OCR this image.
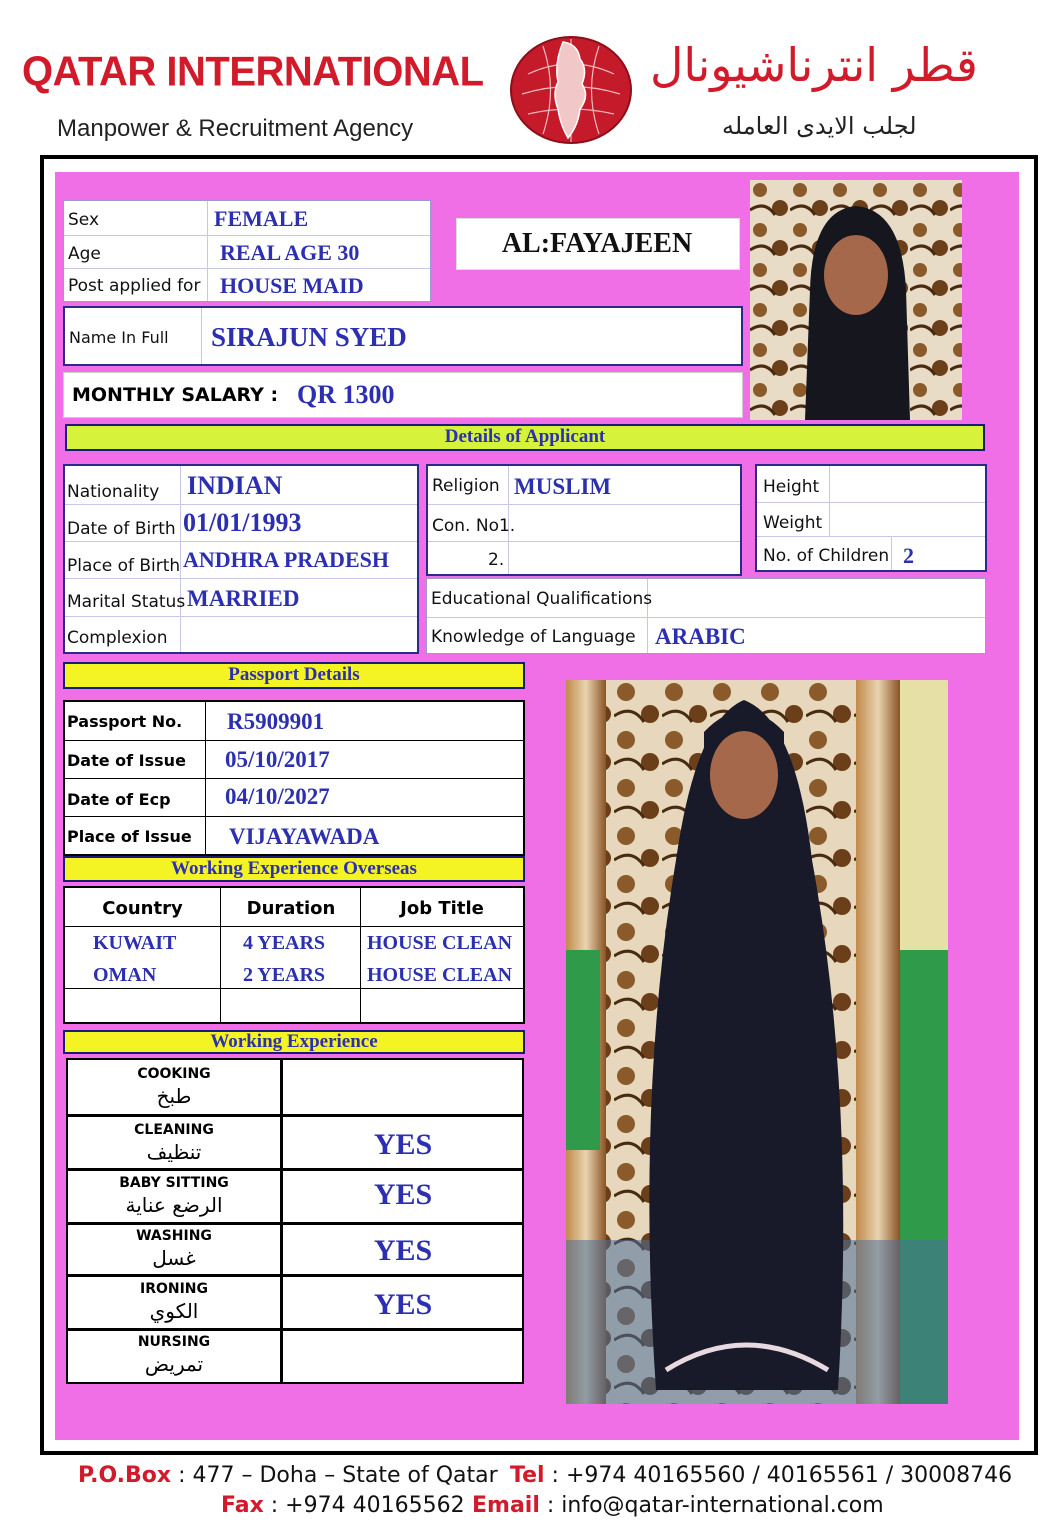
QATAR INTERNATIONAL
Manpower & Recruitment Agency
قطر انترناشيونال
لجلب الايدى العامله
Sex	FEMALE
Age	REAL AGE 30
Post applied for HOUSE MAID
AL:FAYAJEEN
Name In Full SIRAJUN SYED
MONTHLY SALARY : QR 1300
Details of Applicant
Nationality INDIAN
Date of Birth 01/01/1993
Place of Birth ANDHRA PRADESH
Marital Status MARRIED
Complexion
Religion MUSLIM
Con. No1.
2.
Height
Weight
No. of Children 2
Educational Qualifications
Knowledge of Language ARABIC
Passport Details
Passport No. R5909901
Date of Issue 05/10/2017
Date of Ecp 04/10/2027
Place of Issue VIJAYAWADA
Working Experience Overseas
Country	Duration	Job Title
KUWAIT	4 YEARS HOUSE CLEAN
OMAN	2 YEARS HOUSE CLEAN
Working Experience
COOKING
طبخ
CLEANING
تنظيف	YES
BABY SITTING
الرضع عناية	YES
WASHING
غسل	YES
IRONING
الكوي	YES
NURSING
تمريض
P.O.Box : 477 – Doha – State of Qatar Tel : +974 40165560 / 40165561 / 30008746
Fax : +974 40165562 Email : info@qatar-international.com
